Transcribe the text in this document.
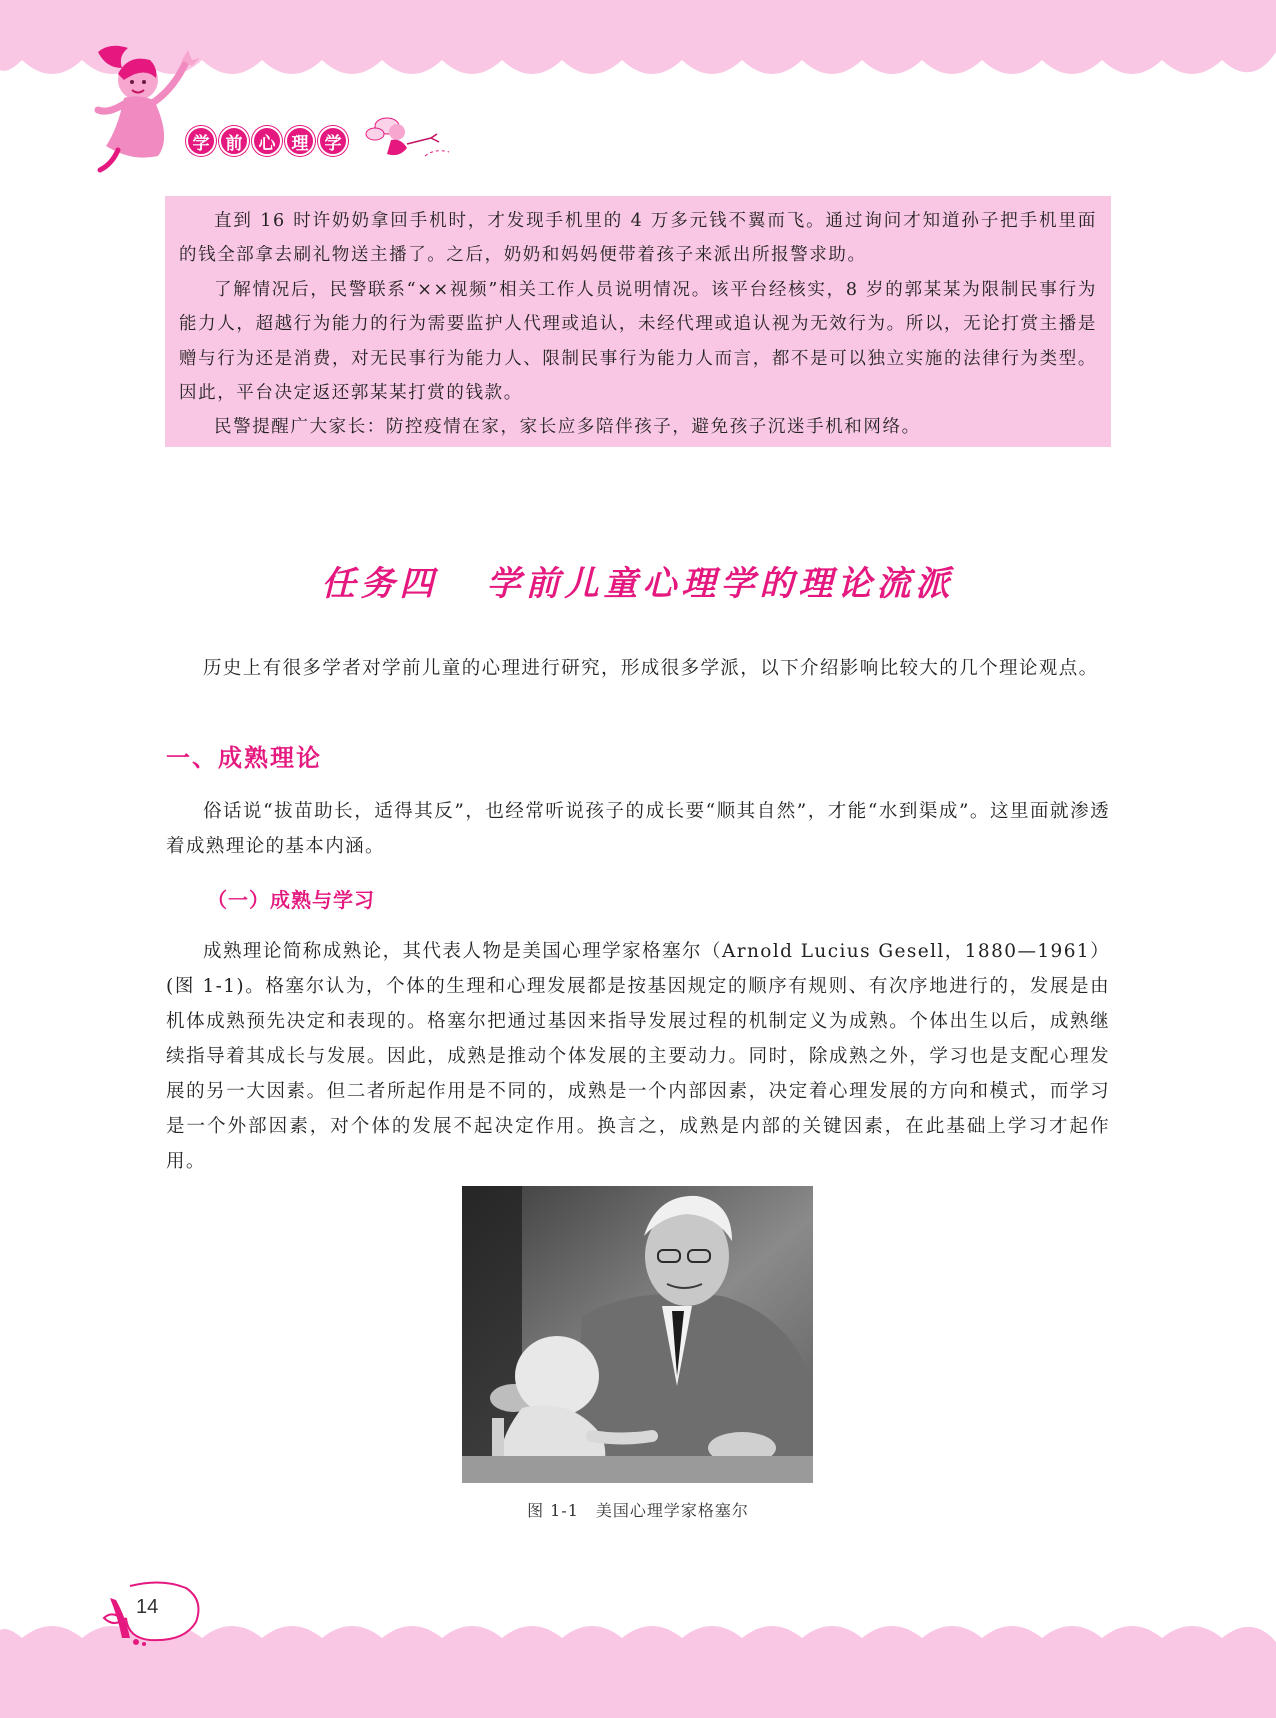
学 前 心 理 学

直到 16 时许奶奶拿回手机时，才发现手机里的 4 万多元钱不翼而飞。通过询问才知道孙子把手机里面的钱全部拿去刷礼物送主播了。之后，奶奶和妈妈便带着孩子来派出所报警求助。

了解情况后，民警联系“××视频”相关工作人员说明情况。该平台经核实，8 岁的郭某某为限制民事行为能力人，超越行为能力的行为需要监护人代理或追认，未经代理或追认视为无效行为。所以，无论打赏主播是赠与行为还是消费，对无民事行为能力人、限制民事行为能力人而言，都不是可以独立实施的法律行为类型。因此，平台决定返还郭某某打赏的钱款。

民警提醒广大家长：防控疫情在家，家长应多陪伴孩子，避免孩子沉迷手机和网络。

任务四 学前儿童心理学的理论流派

历史上有很多学者对学前儿童的心理进行研究，形成很多学派，以下介绍影响比较大的几个理论观点。

一、成熟理论

俗话说“拔苗助长，适得其反”，也经常听说孩子的成长要“顺其自然”，才能“水到渠成”。这里面就渗透着成熟理论的基本内涵。

（一）成熟与学习

成熟理论简称成熟论，其代表人物是美国心理学家格塞尔（Arnold Lucius Gesell，1880—1961）(图 1-1)。格塞尔认为，个体的生理和心理发展都是按基因规定的顺序有规则、有次序地进行的，发展是由机体成熟预先决定和表现的。格塞尔把通过基因来指导发展过程的机制定义为成熟。个体出生以后，成熟继续指导着其成长与发展。因此，成熟是推动个体发展的主要动力。同时，除成熟之外，学习也是支配心理发展的另一大因素。但二者所起作用是不同的，成熟是一个内部因素，决定着心理发展的方向和模式，而学习是一个外部因素，对个体的发展不起决定作用。换言之，成熟是内部的关键因素，在此基础上学习才起作用。

图 1-1　美国心理学家格塞尔
14
